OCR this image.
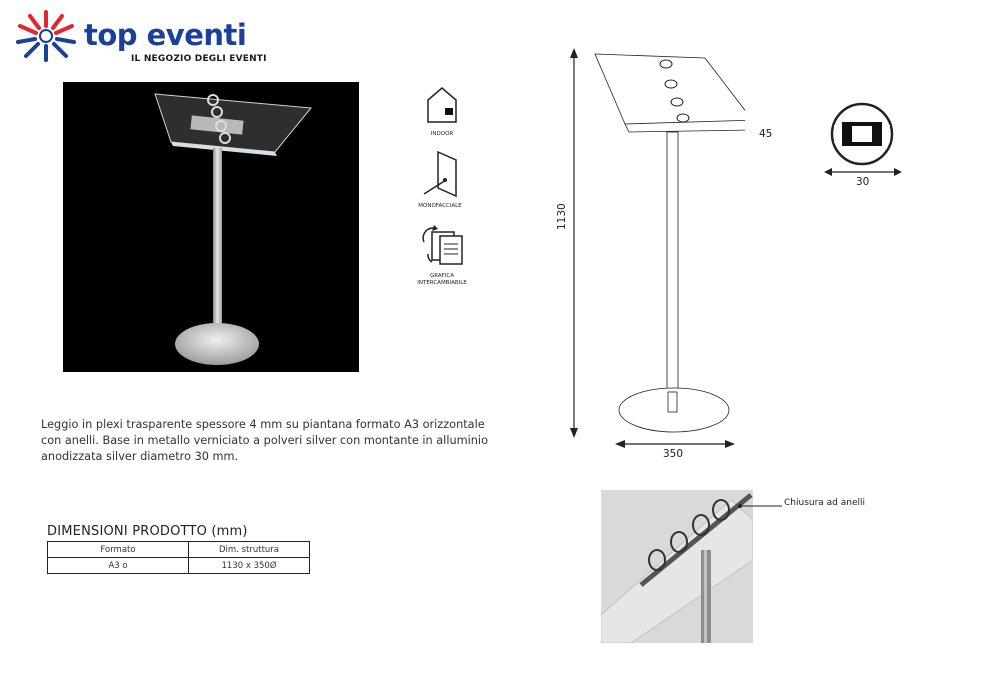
top eventi
IL NEGOZIO DEGLI EVENTI
INDOOR
MONOFACCIALE
GRAFICA
INTERCAMBIABILE
Leggio in plexi trasparente spessore 4 mm su piantana formato A3 orizzontale
con anelli. Base in metallo verniciato a polveri silver con montante in alluminio
anodizzata silver diametro 30 mm.
DIMENSIONI PRODOTTO (mm)
Formato	Dim. struttura
A3 o	1130 x 350Ø
1130
350
45
30
Chiusura ad anelli
